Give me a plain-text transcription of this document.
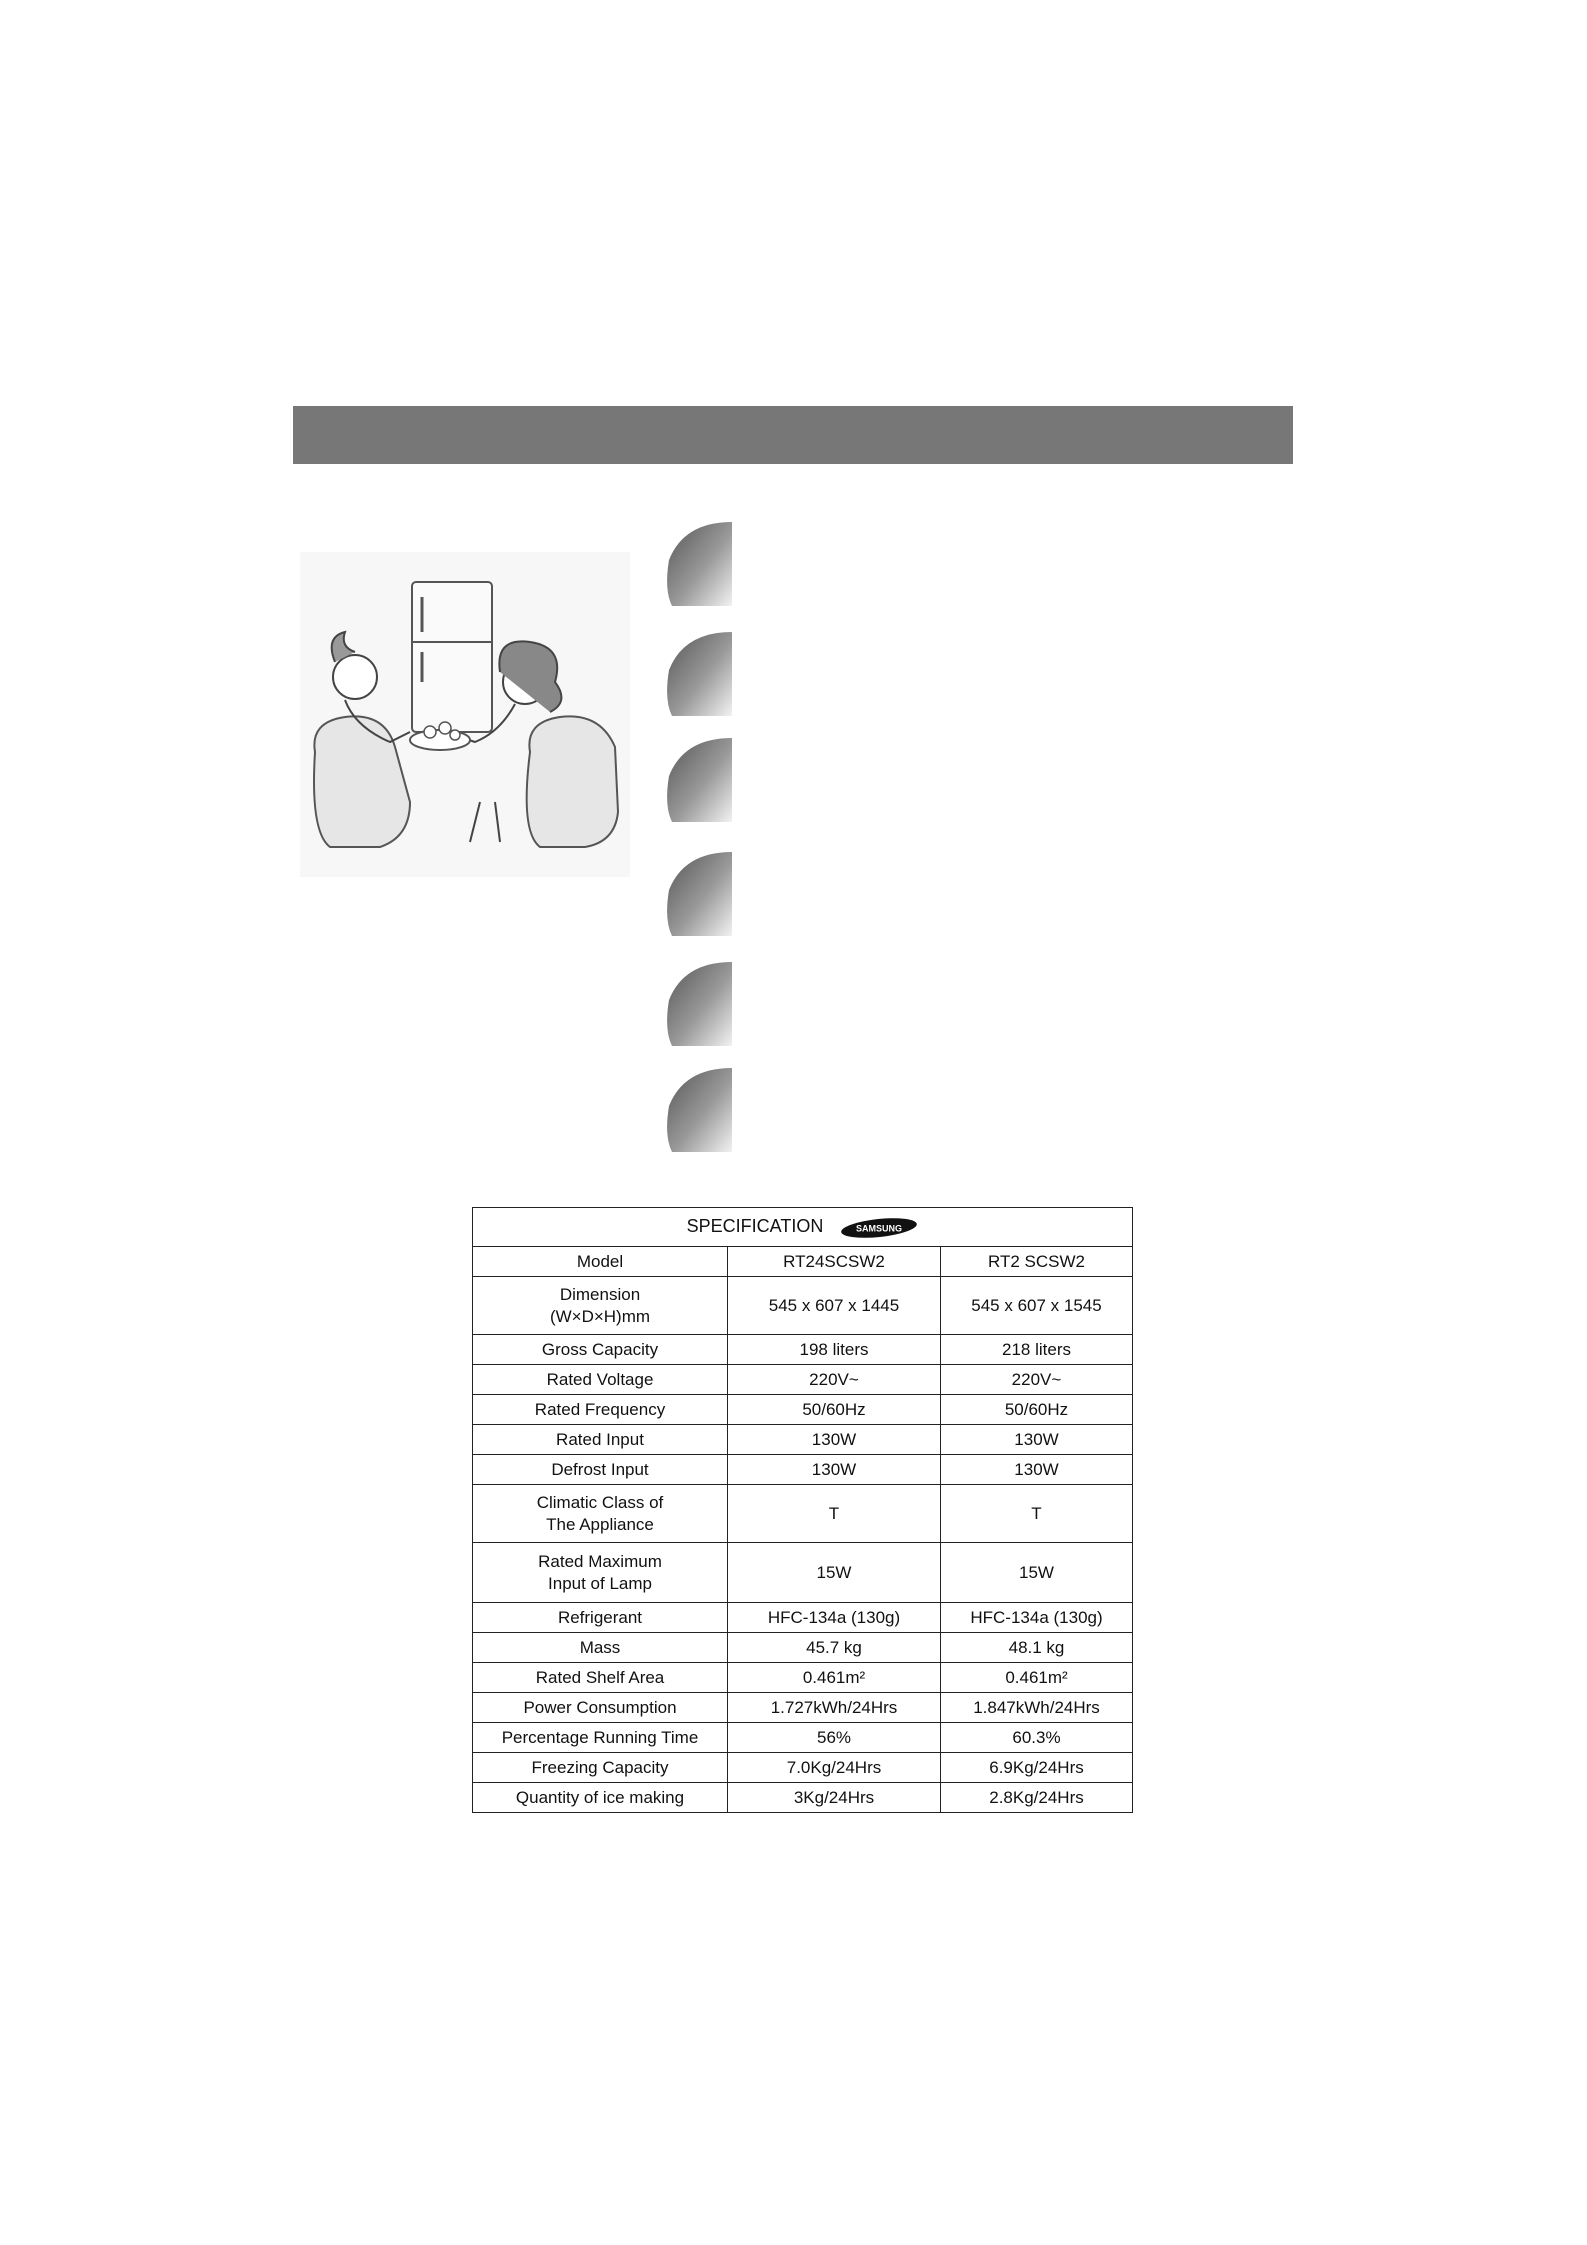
SPECIFICATION SAMSUNG		

Model	RT24SCSW2	RT2 SCSW2
Dimension
(W×D×H)mm	545 x 607 x 1445	545 x 607 x 1545
Gross Capacity	198 liters	218 liters
Rated Voltage	220V~	220V~
Rated Frequency	50/60Hz	50/60Hz
Rated Input	130W	130W
Defrost Input	130W	130W
Climatic Class of
The Appliance	T	T
Rated Maximum
Input of Lamp	15W	15W
Refrigerant	HFC-134a (130g)	HFC-134a (130g)
Mass	45.7 kg	48.1 kg
Rated Shelf Area	0.461m²	0.461m²
Power Consumption	1.727kWh/24Hrs	1.847kWh/24Hrs
Percentage Running Time	56%	60.3%
Freezing Capacity	7.0Kg/24Hrs	6.9Kg/24Hrs
Quantity of ice making	3Kg/24Hrs	2.8Kg/24Hrs
